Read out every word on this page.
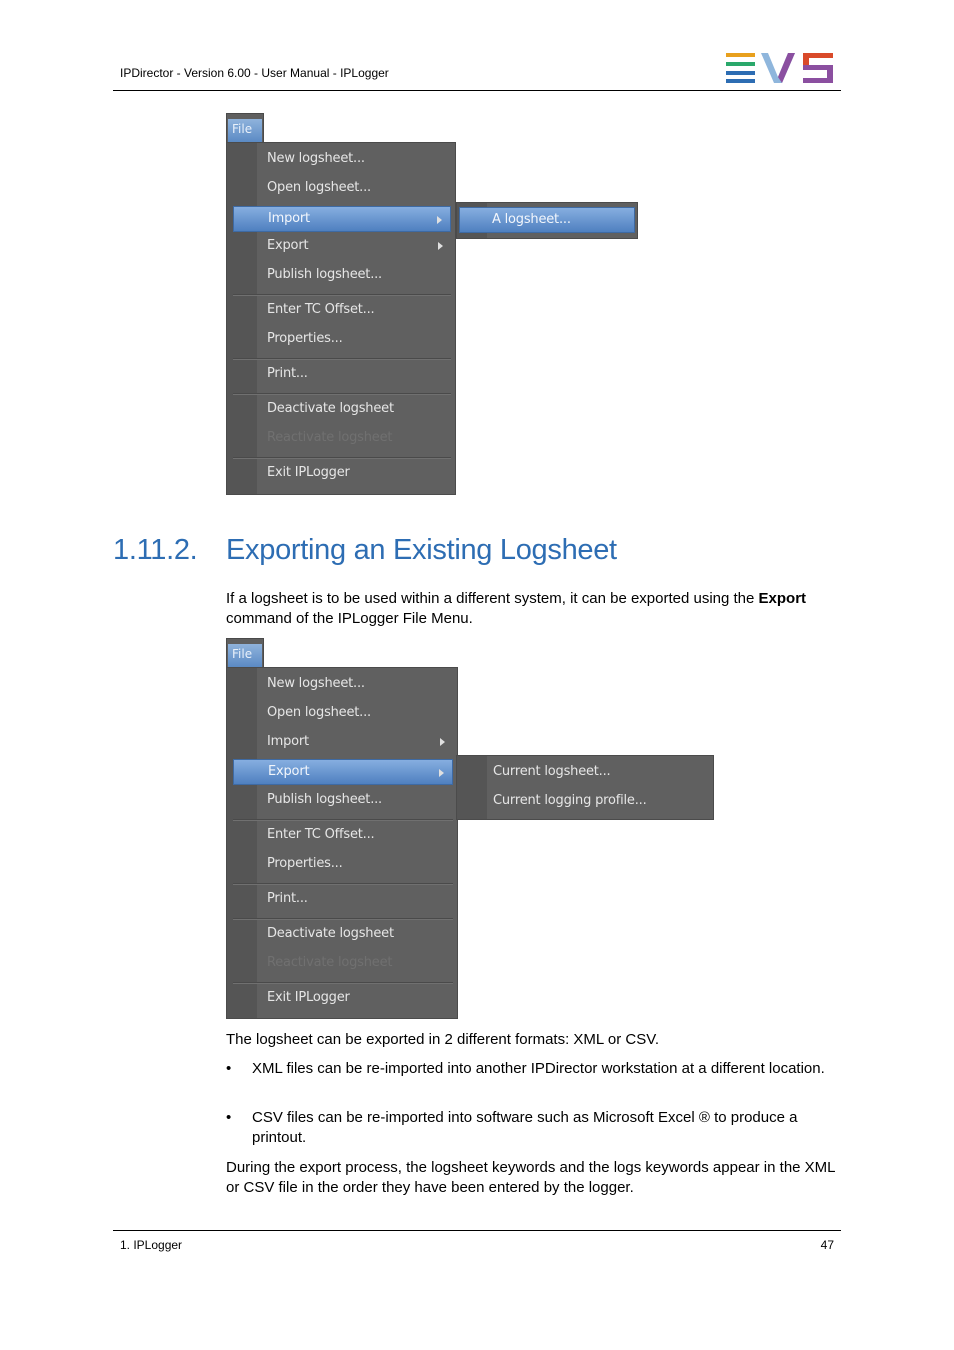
IPDirector - Version 6.00 - User Manual - IPLogger
File
New logsheet...
Open logsheet...
Import
Export
Publish logsheet...
Enter TC Offset...
Properties...
Print...
Deactivate logsheet
Reactivate logsheet
Exit IPLogger
A logsheet...
1.11.2. Exporting an Existing Logsheet

If a logsheet is to be used within a different system, it can be exported using the Export command of the IPLogger File Menu.

File
New logsheet...
Open logsheet...
Import
Export
Publish logsheet...
Enter TC Offset...
Properties...
Print...
Deactivate logsheet
Reactivate logsheet
Exit IPLogger
Current logsheet...
Current logging profile...

The logsheet can be exported in 2 different formats: XML or CSV.

• XML files can be re-imported into another IPDirector workstation at a different location.
• CSV files can be re-imported into software such as Microsoft Excel ® to produce a printout.

During the export process, the logsheet keywords and the logs keywords appear in the XML or CSV file in the order they have been entered by the logger.

1. IPLogger	47
